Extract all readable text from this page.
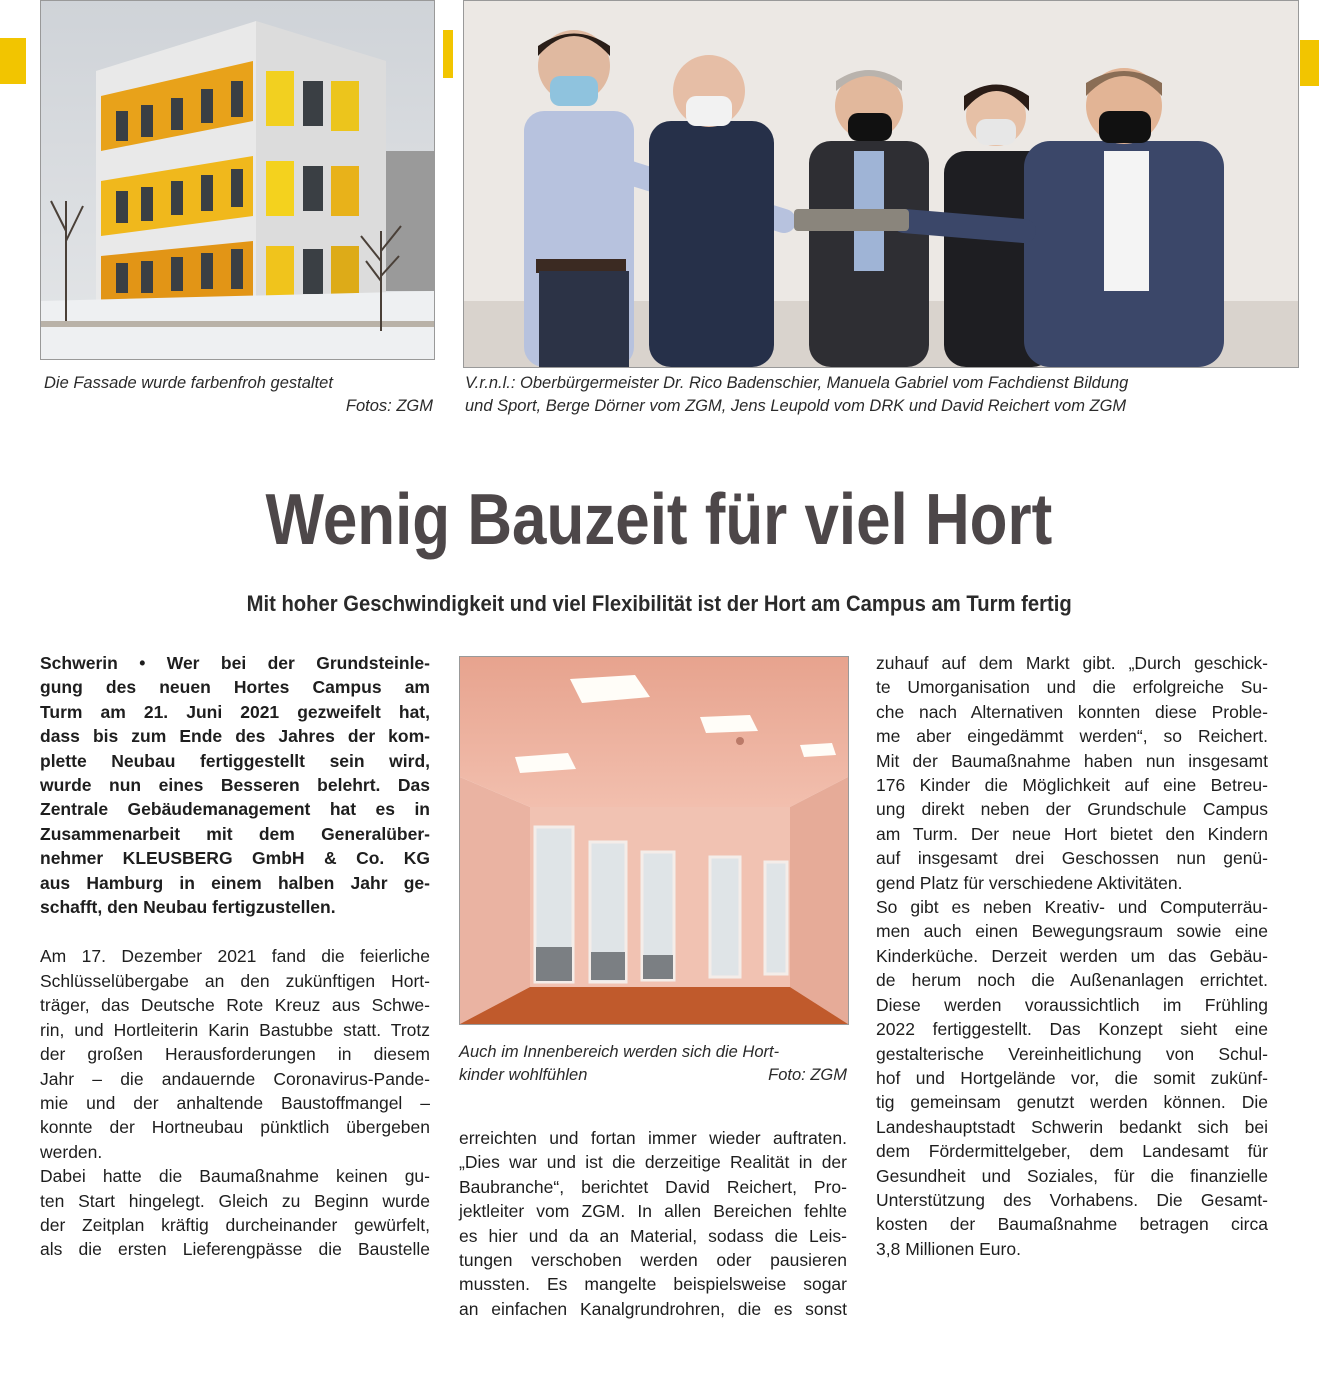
Die Fassade wurde farbenfroh gestaltet
Fotos: ZGM
V.r.n.l.: Oberbürgermeister Dr. Rico Badenschier, Manuela Gabriel vom Fachdienst Bildung
und Sport, Berge Dörner vom ZGM, Jens Leupold vom DRK und David Reichert vom ZGM
Wenig Bauzeit für viel Hort
Mit hoher Geschwindigkeit und viel Flexibilität ist der Hort am Campus am Turm fertig

Schwerin • Wer bei der Grundsteinle-
gung des neuen Hortes Campus am
Turm am 21. Juni 2021 gezweifelt hat,
dass bis zum Ende des Jahres der kom-
plette Neubau fertiggestellt sein wird,
wurde nun eines Besseren belehrt. Das
Zentrale Gebäudemanagement hat es in
Zusammenarbeit mit dem Generalüber-
nehmer KLEUSBERG GmbH & Co. KG
aus Hamburg in einem halben Jahr ge-
schafft, den Neubau fertigzustellen.

Am 17. Dezember 2021 fand die feierliche
Schlüsselübergabe an den zukünftigen Hort-
träger, das Deutsche Rote Kreuz aus Schwe-
rin, und Hortleiterin Karin Bastubbe statt. Trotz
der großen Herausforderungen in diesem
Jahr – die andauernde Coronavirus-Pande-
mie und der anhaltende Baustoffmangel –
konnte der Hortneubau pünktlich übergeben
werden.

Dabei hatte die Baumaßnahme keinen gu-
ten Start hingelegt. Gleich zu Beginn wurde
der Zeitplan kräftig durcheinander gewürfelt,
als die ersten Lieferengpässe die Baustelle

Auch im Innenbereich werden sich die Hort-
kinder wohlfühlen	Foto: ZGM

erreichten und fortan immer wieder auftraten.
„Dies war und ist die derzeitige Realität in der
Baubranche“, berichtet David Reichert, Pro-
jektleiter vom ZGM. In allen Bereichen fehlte
es hier und da an Material, sodass die Leis-
tungen verschoben werden oder pausieren
mussten. Es mangelte beispielsweise sogar
an einfachen Kanalgrundrohren, die es sonst

zuhauf auf dem Markt gibt. „Durch geschick-
te Umorganisation und die erfolgreiche Su-
che nach Alternativen konnten diese Proble-
me aber eingedämmt werden“, so Reichert.
Mit der Baumaßnahme haben nun insgesamt
176 Kinder die Möglichkeit auf eine Betreu-
ung direkt neben der Grundschule Campus
am Turm. Der neue Hort bietet den Kindern
auf insgesamt drei Geschossen nun genü-
gend Platz für verschiedene Aktivitäten.

So gibt es neben Kreativ- und Computerräu-
men auch einen Bewegungsraum sowie eine
Kinderküche. Derzeit werden um das Gebäu-
de herum noch die Außenanlagen errichtet.
Diese werden voraussichtlich im Frühling
2022 fertiggestellt. Das Konzept sieht eine
gestalterische Vereinheitlichung von Schul-
hof und Hortgelände vor, die somit zukünf-
tig gemeinsam genutzt werden können. Die
Landeshauptstadt Schwerin bedankt sich bei
dem Fördermittelgeber, dem Landesamt für
Gesundheit und Soziales, für die finanzielle
Unterstützung des Vorhabens. Die Gesamt-
kosten der Baumaßnahme betragen circa
3,8 Millionen Euro.
